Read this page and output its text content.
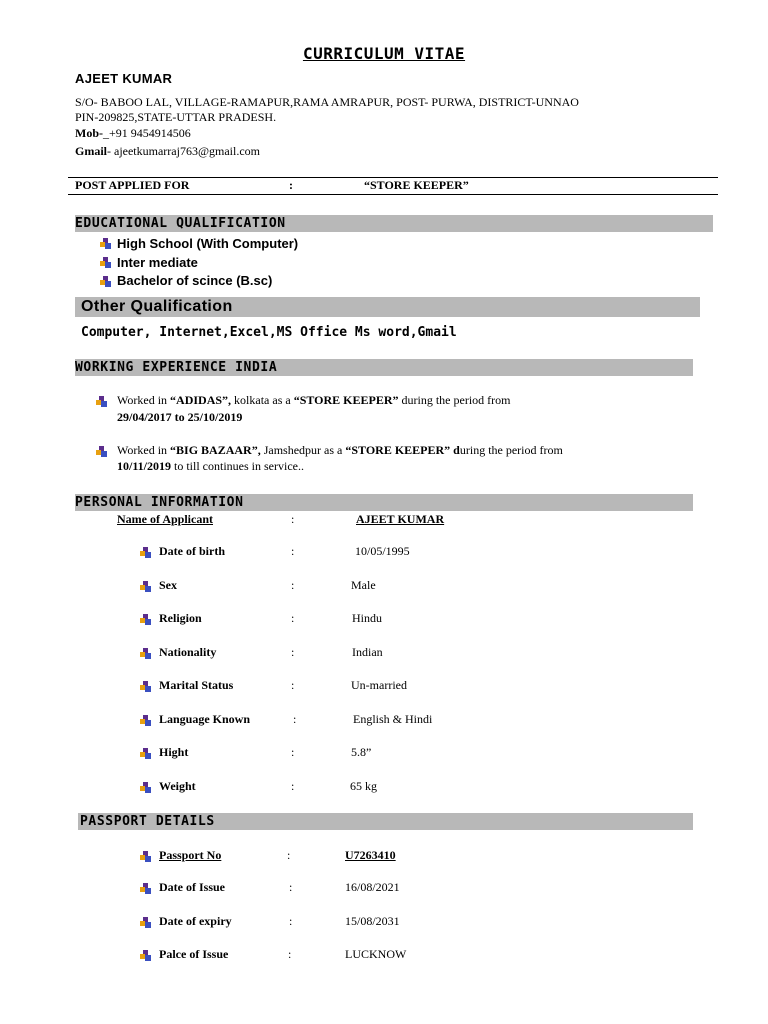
CURRICULUM VITAE
AJEET KUMAR
S/O- BABOO LAL, VILLAGE-RAMAPUR,RAMA AMRAPUR, POST- PURWA, DISTRICT-UNNAO
PIN-209825,STATE-UTTAR PRADESH.
Mob-_+91 9454914506
Gmail- ajeetkumarraj763@gmail.com
POST APPLIED FOR	:	“STORE KEEPER”
EDUCATIONAL QUALIFICATION
High School (With Computer)
Inter mediate
Bachelor of scince (B.sc)
Other Qualification
Computer, Internet,Excel,MS Office Ms word,Gmail
WORKING EXPERIENCE INDIA
Worked in “ADIDAS”, kolkata as a “STORE KEEPER” during the period from
29/04/2017 to 25/10/2019
Worked in “BIG BAZAAR”, Jamshedpur as a “STORE KEEPER” during the period from
10/11/2019 to till continues in service..
PERSONAL INFORMATION
Name of Applicant	:	AJEET KUMAR
Date of birth	:	10/05/1995
Sex	:	Male
Religion	:	Hindu
Nationality	:	Indian
Marital Status	:	Un-married
Language Known	:	English & Hindi
Hight	:	5.8”
Weight	:	65 kg
PASSPORT DETAILS
Passport No	:	U7263410
Date of Issue	:	16/08/2021
Date of expiry	:	15/08/2031
Palce of Issue	:	LUCKNOW
